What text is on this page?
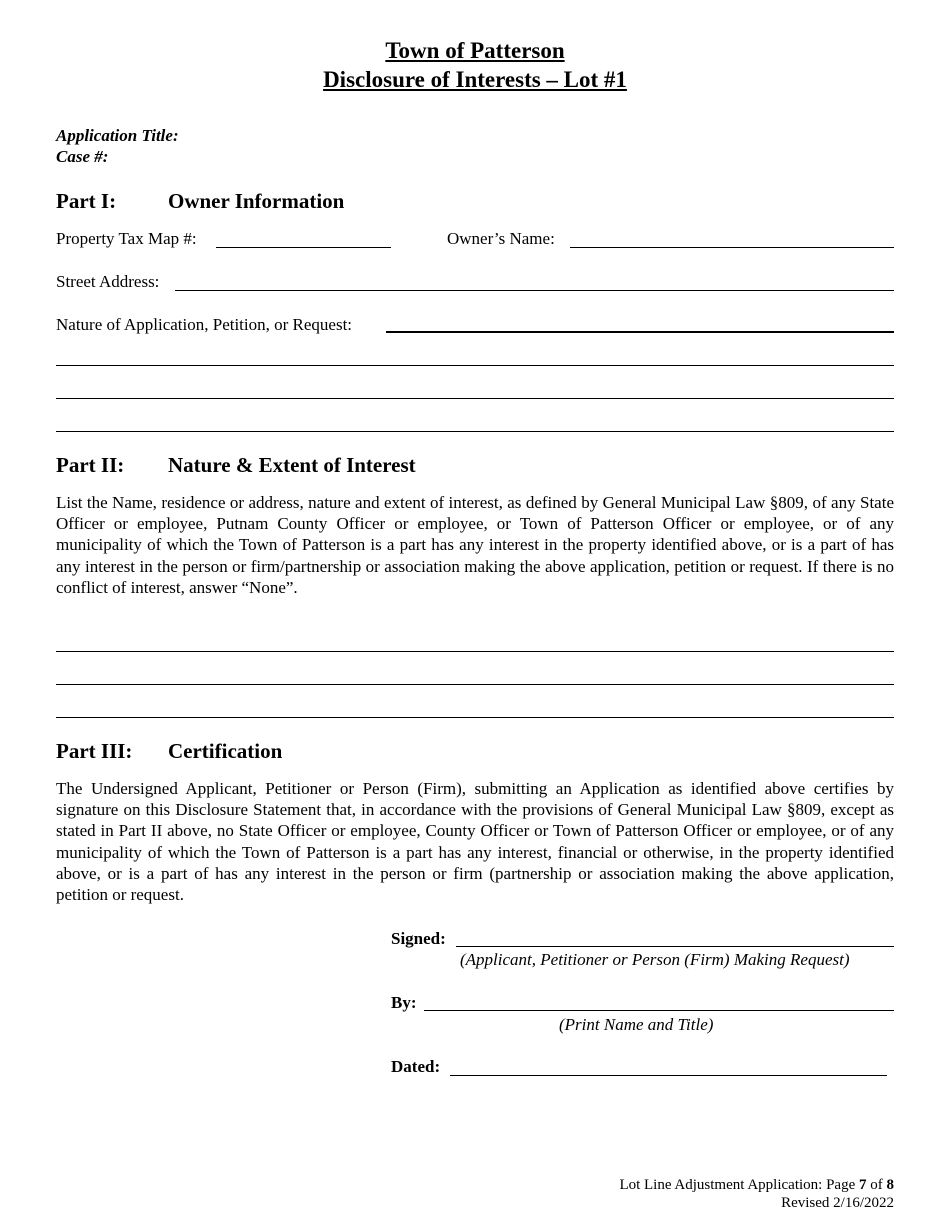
Town of Patterson
Disclosure of Interests – Lot #1
Application Title:
Case #:
Part I: Owner Information
Property Tax Map #:	Owner’s Name:
Street Address:
Nature of Application, Petition, or Request:
Part II: Nature & Extent of Interest
List the Name, residence or address, nature and extent of interest, as defined by General Municipal Law §809, of any State Officer or employee, Putnam County Officer or employee, or Town of Patterson Officer or employee, or of any municipality of which the Town of Patterson is a part has any interest in the property identified above, or is a part of has any interest in the person or firm/partnership or association making the above application, petition or request. If there is no conflict of interest, answer “None”.
Part III: Certification
The Undersigned Applicant, Petitioner or Person (Firm), submitting an Application as identified above certifies by signature on this Disclosure Statement that, in accordance with the provisions of General Municipal Law §809, except as stated in Part II above, no State Officer or employee, County Officer or Town of Patterson Officer or employee, or of any municipality of which the Town of Patterson is a part has any interest, financial or otherwise, in the property identified above, or is a part of has any interest in the person or firm (partnership or association making the above application, petition or request.
Signed:
(Applicant, Petitioner or Person (Firm) Making Request)
By:
(Print Name and Title)
Dated:
Lot Line Adjustment Application: Page 7 of 8
Revised 2/16/2022
